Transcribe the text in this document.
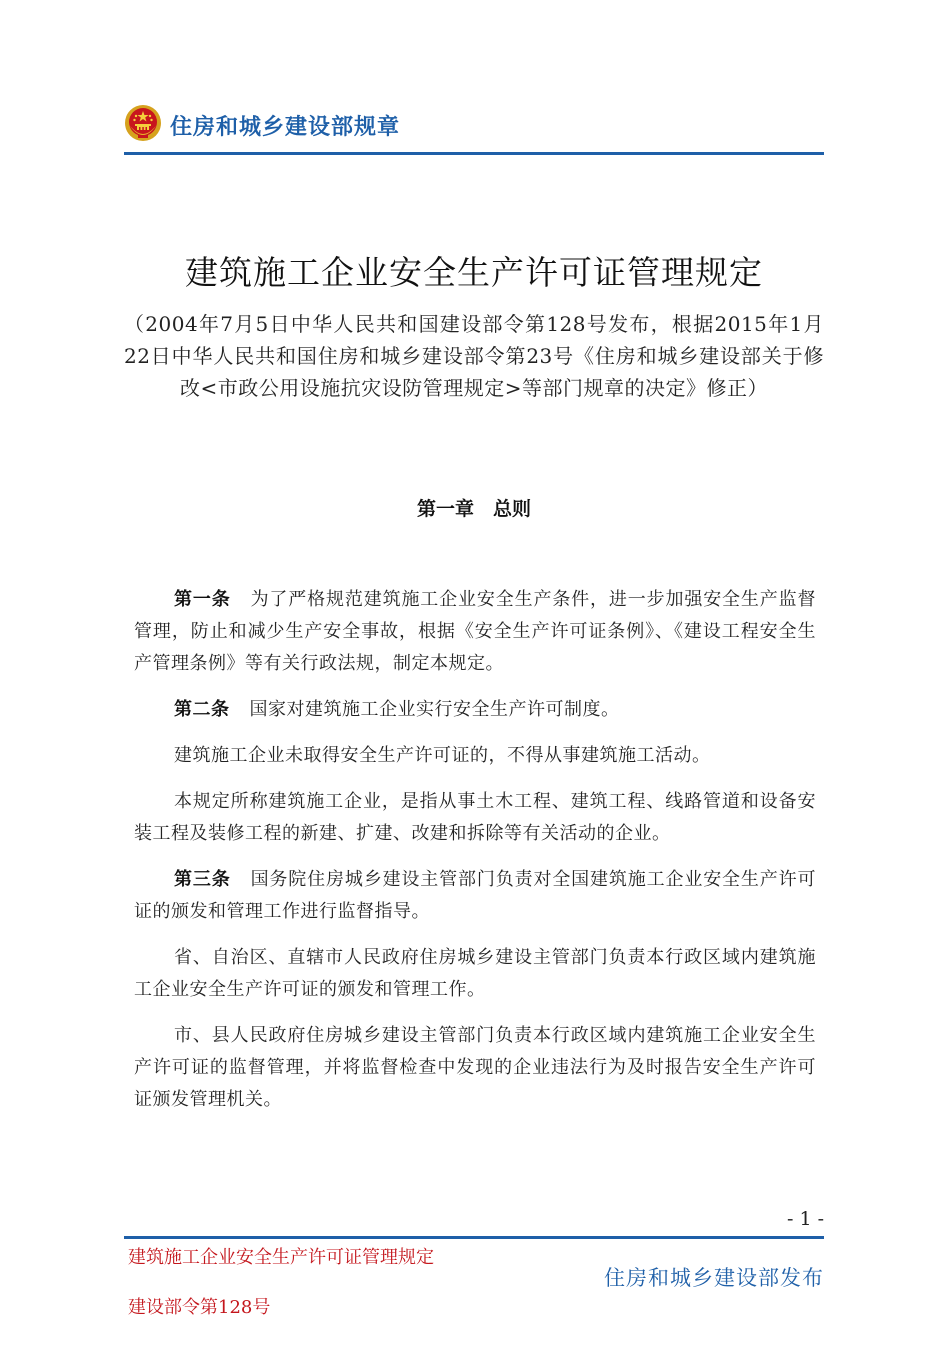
住房和城乡建设部规章
建筑施工企业安全生产许可证管理规定
（2004年7月5日中华人民共和国建设部令第128号发布，根据2015年1月22日中华人民共和国住房和城乡建设部令第23号《住房和城乡建设部关于修改<市政公用设施抗灾设防管理规定>等部门规章的决定》修正）
第一章　总则

第一条 为了严格规范建筑施工企业安全生产条件，进一步加强安全生产监督管理，防止和减少生产安全事故，根据《安全生产许可证条例》、《建设工程安全生产管理条例》等有关行政法规，制定本规定。

第二条 国家对建筑施工企业实行安全生产许可制度。

建筑施工企业未取得安全生产许可证的，不得从事建筑施工活动。

本规定所称建筑施工企业，是指从事土木工程、建筑工程、线路管道和设备安装工程及装修工程的新建、扩建、改建和拆除等有关活动的企业。

第三条 国务院住房城乡建设主管部门负责对全国建筑施工企业安全生产许可证的颁发和管理工作进行监督指导。

省、自治区、直辖市人民政府住房城乡建设主管部门负责本行政区域内建筑施工企业安全生产许可证的颁发和管理工作。

市、县人民政府住房城乡建设主管部门负责本行政区域内建筑施工企业安全生产许可证的监督管理，并将监督检查中发现的企业违法行为及时报告安全生产许可证颁发管理机关。

- 1 -
建筑施工企业安全生产许可证管理规定
建设部令第128号
住房和城乡建设部发布
